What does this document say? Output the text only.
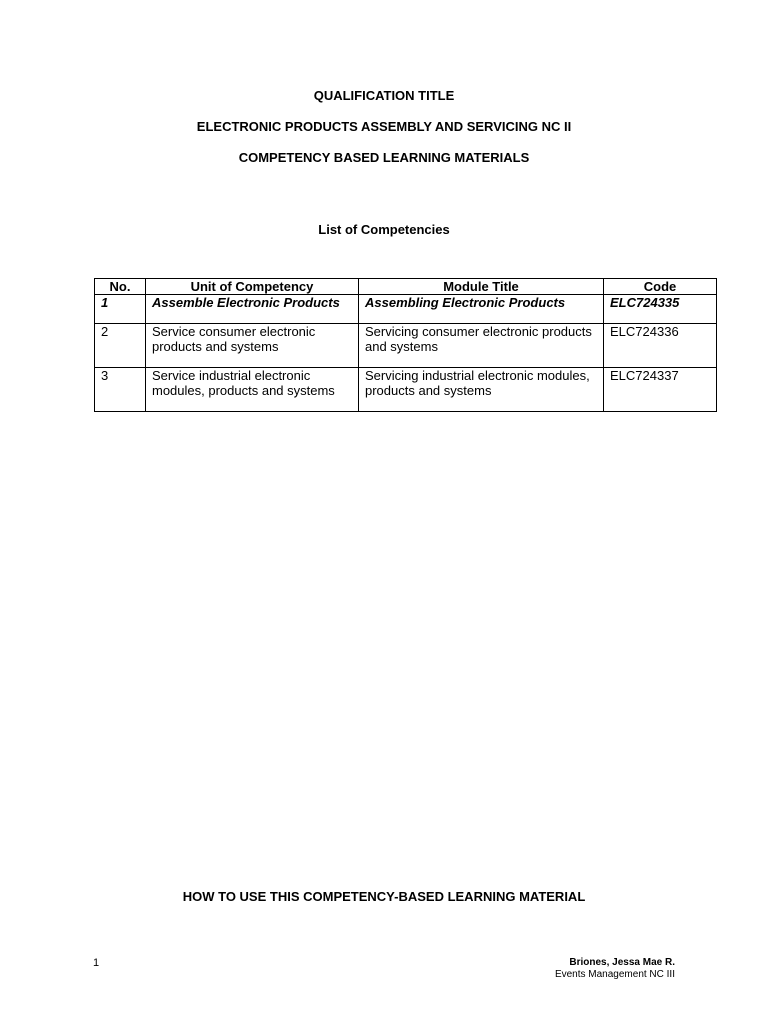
QUALIFICATION TITLE
ELECTRONIC PRODUCTS ASSEMBLY AND SERVICING NC II
COMPETENCY BASED LEARNING MATERIALS
List of Competencies
No.	Unit of Competency	Module Title	Code
1	Assemble Electronic Products	Assembling Electronic Products	ELC724335
2	Service consumer electronic products and systems	Servicing consumer electronic products and systems	ELC724336
3	Service industrial electronic modules, products and systems	Servicing industrial electronic modules, products and systems	ELC724337
HOW TO USE THIS COMPETENCY-BASED LEARNING MATERIAL
1	Briones, Jessa Mae R.
Events Management NC III
